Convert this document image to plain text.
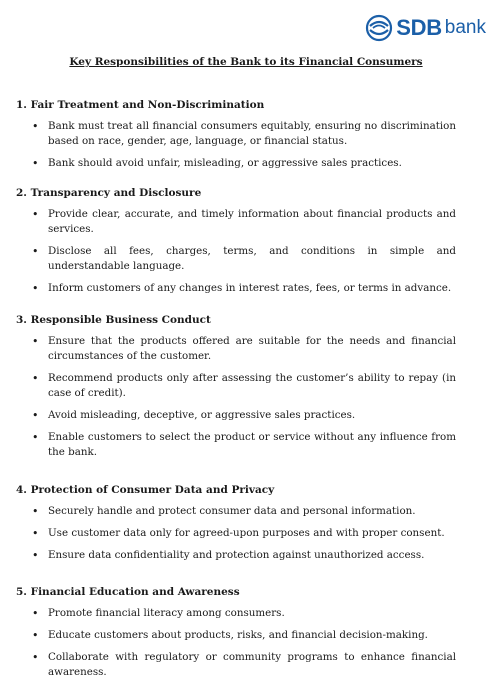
SDB bank
Key Responsibilities of the Bank to its Financial Consumers

1. Fair Treatment and Non-Discrimination

• Bank must treat all financial consumers equitably, ensuring no discrimination based on race, gender, age, language, or financial status.
• Bank should avoid unfair, misleading, or aggressive sales practices.

2. Transparency and Disclosure

• Provide clear, accurate, and timely information about financial products and services.
• Disclose all fees, charges, terms, and conditions in simple and understandable language.
• Inform customers of any changes in interest rates, fees, or terms in advance.

3. Responsible Business Conduct

• Ensure that the products offered are suitable for the needs and financial circumstances of the customer.
• Recommend products only after assessing the customer’s ability to repay (in case of credit).
• Avoid misleading, deceptive, or aggressive sales practices.
• Enable customers to select the product or service without any influence from the bank.

4. Protection of Consumer Data and Privacy

• Securely handle and protect consumer data and personal information.
• Use customer data only for agreed-upon purposes and with proper consent.
• Ensure data confidentiality and protection against unauthorized access.

5. Financial Education and Awareness

• Promote financial literacy among consumers.
• Educate customers about products, risks, and financial decision-making.
• Collaborate with regulatory or community programs to enhance financial awareness.
